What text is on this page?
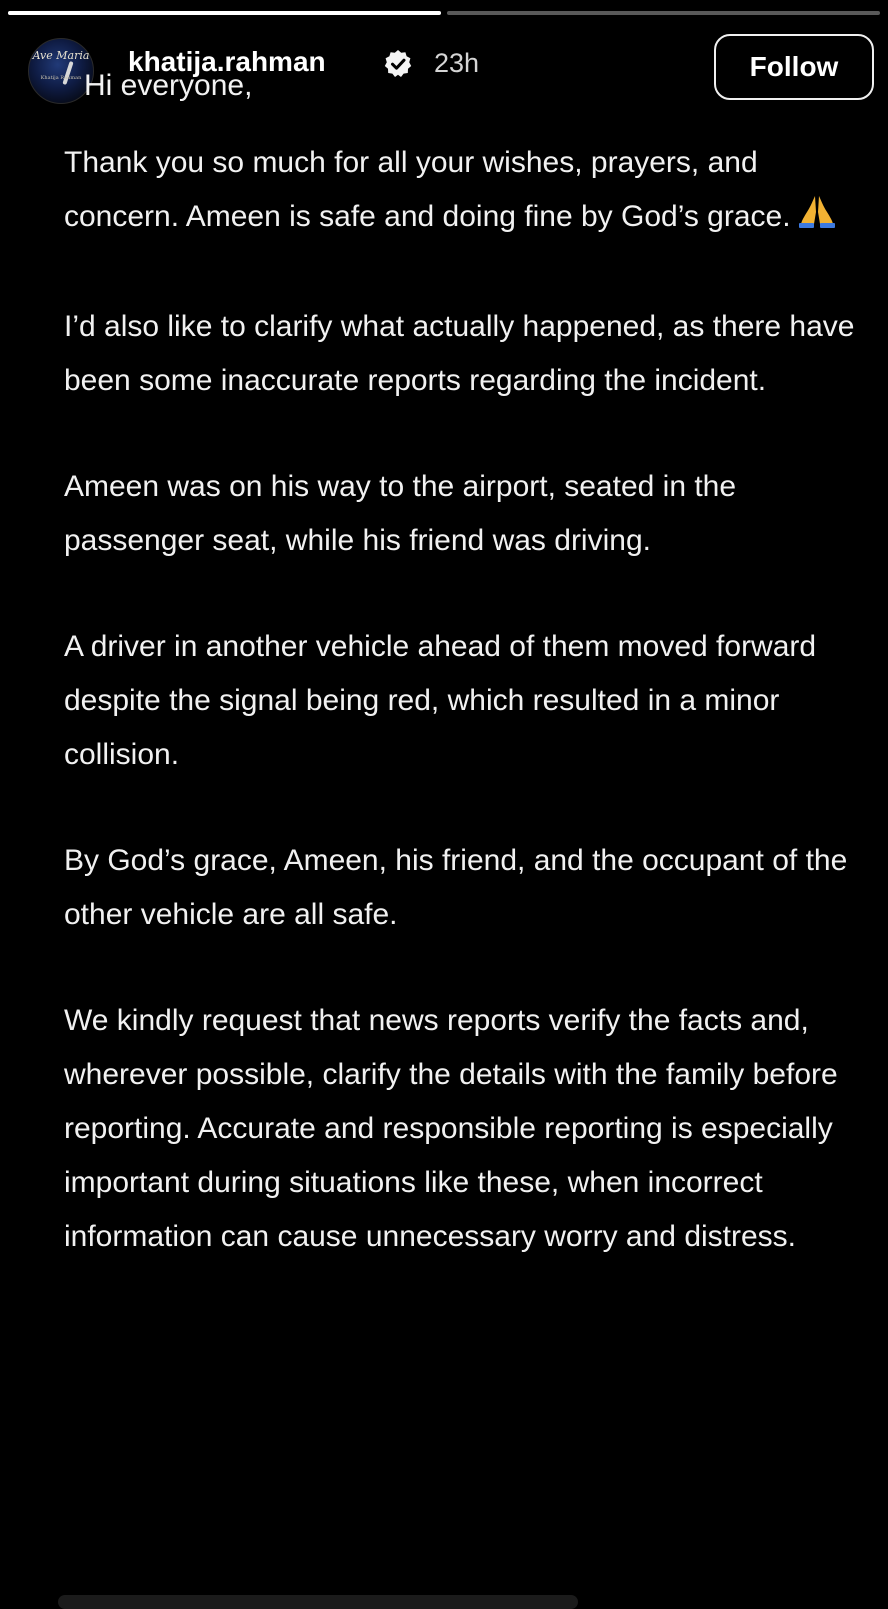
Ave Maria
Khatija Rahman
khatija.rahman	23h	Follow
Hi everyone,

Thank you so much for all your wishes, prayers, and concern. Ameen is safe and doing fine by God’s grace.

I’d also like to clarify what actually happened, as there have been some inaccurate reports regarding the incident.

Ameen was on his way to the airport, seated in the passenger seat, while his friend was driving.

A driver in another vehicle ahead of them moved forward despite the signal being red, which resulted in a minor collision.

By God’s grace, Ameen, his friend, and the occupant of the other vehicle are all safe.

We kindly request that news reports verify the facts and, wherever possible, clarify the details with the family before reporting. Accurate and responsible reporting is especially important during situations like these, when incorrect information can cause unnecessary worry and distress.
